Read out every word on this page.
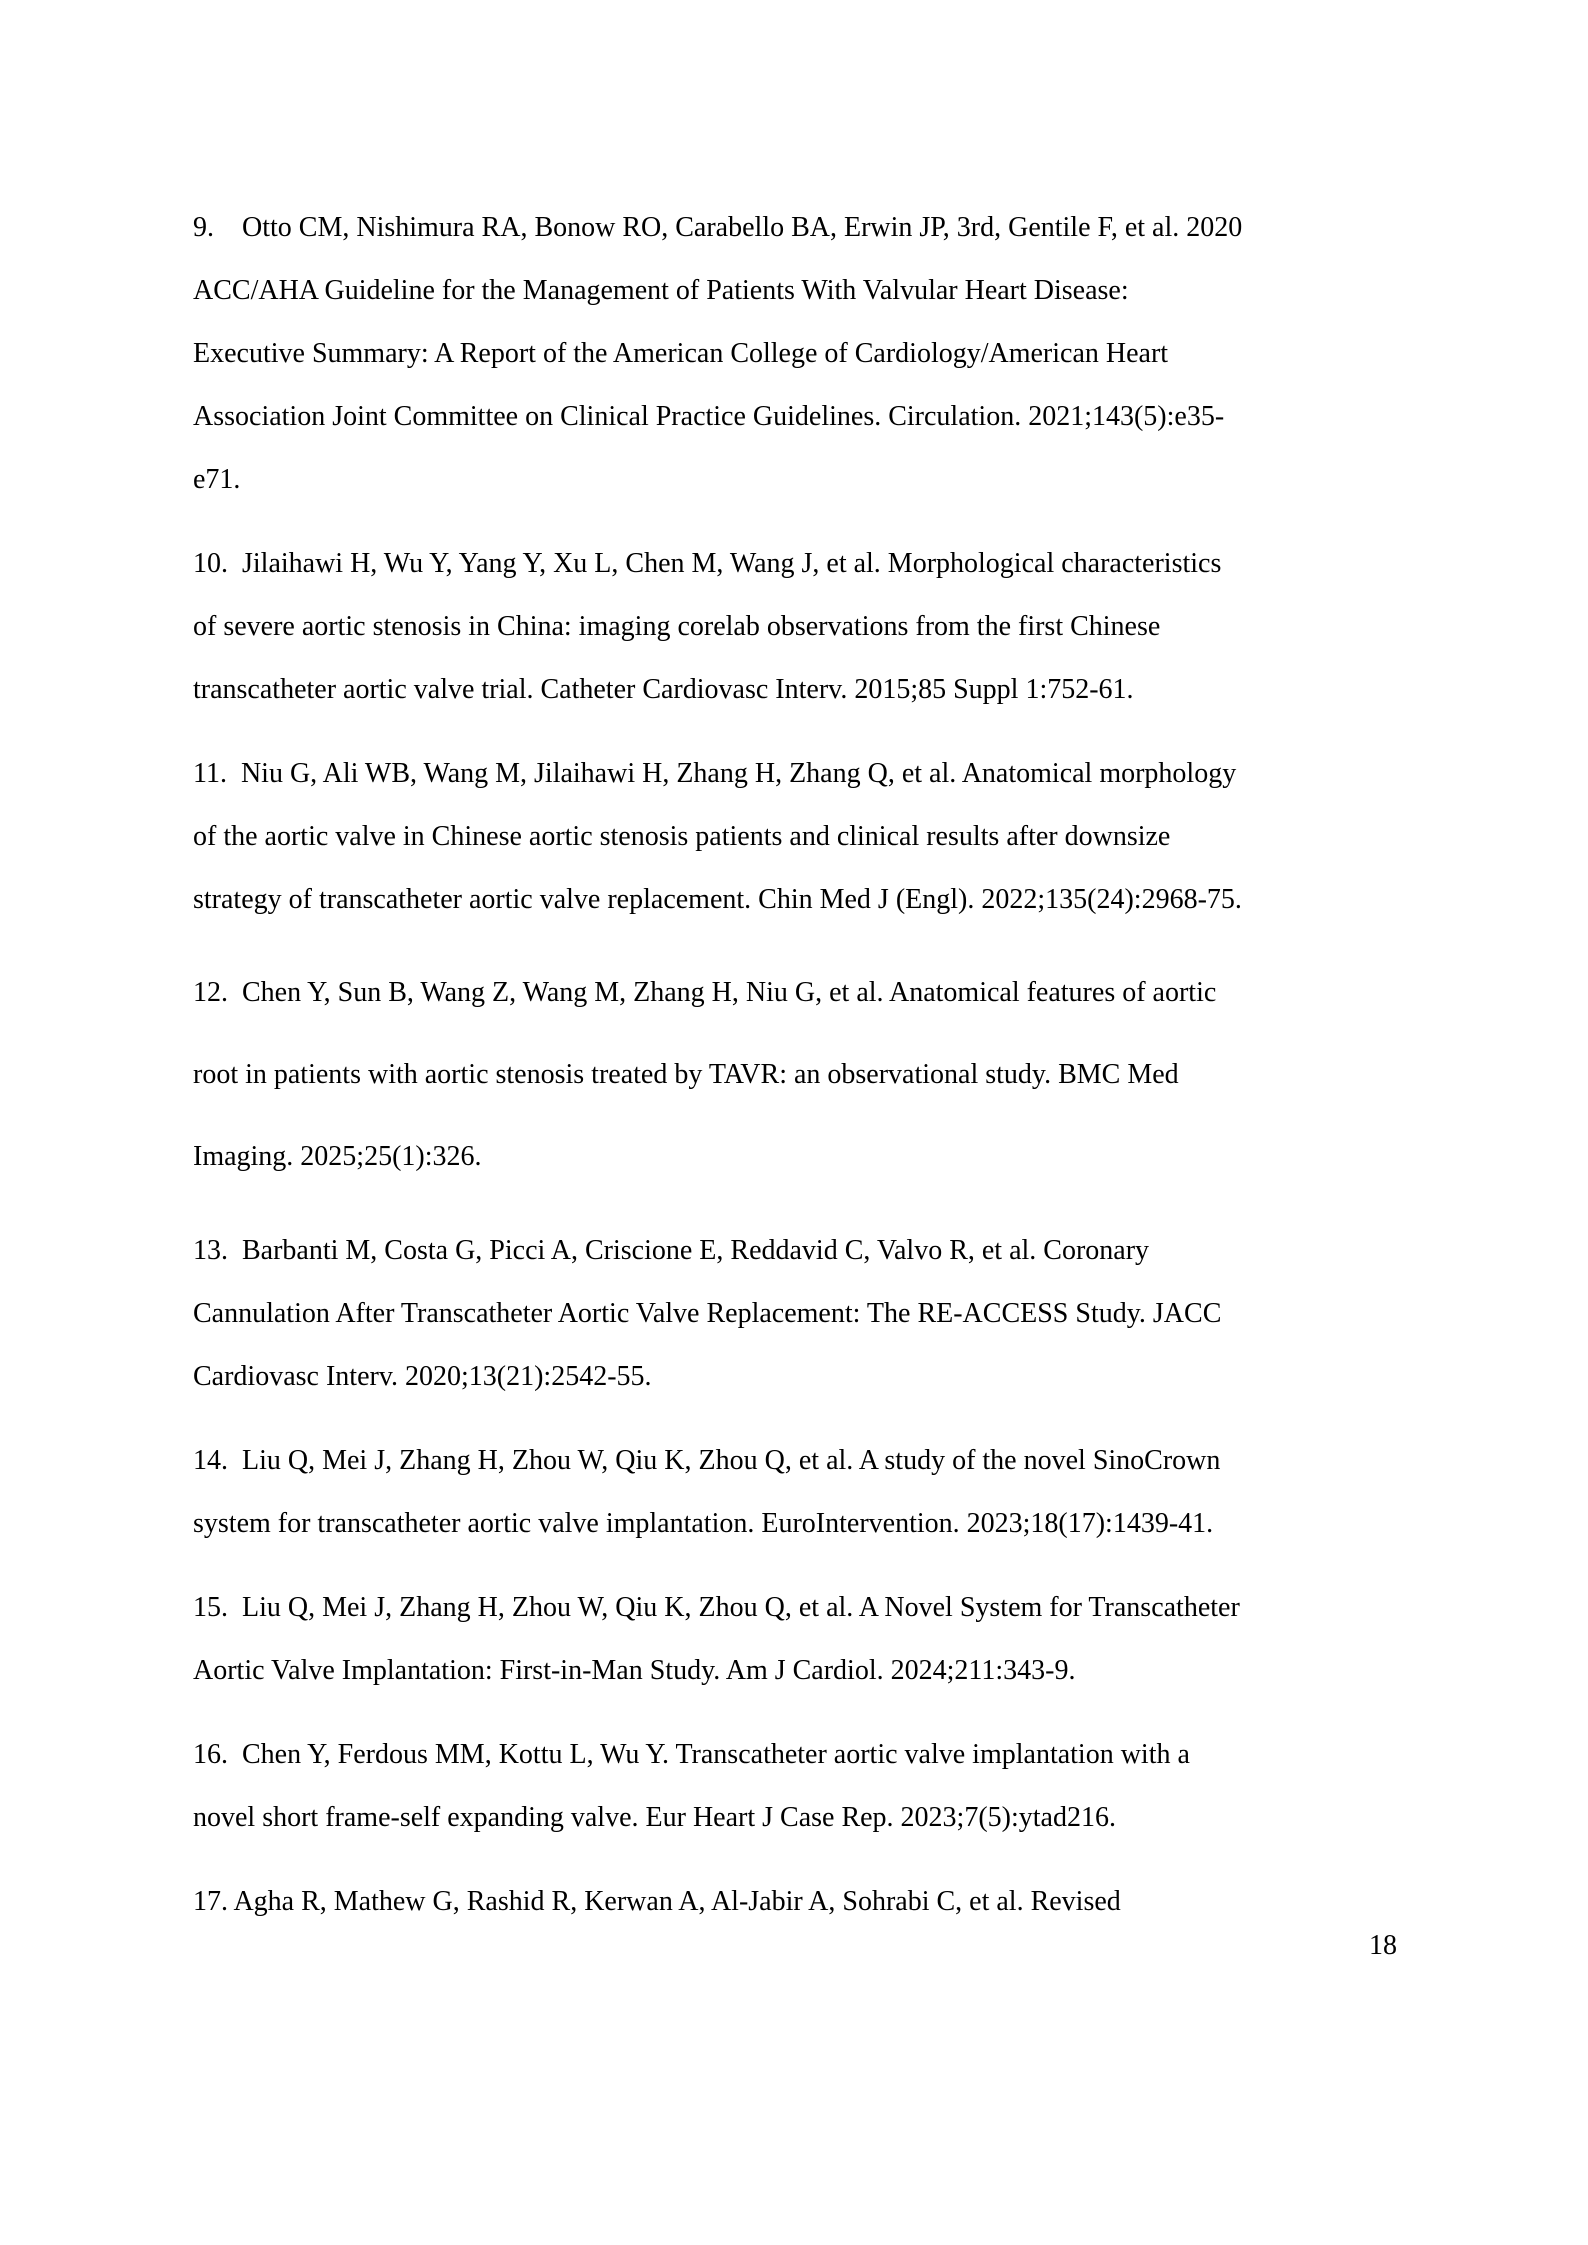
9.    Otto CM, Nishimura RA, Bonow RO, Carabello BA, Erwin JP, 3rd, Gentile F, et al. 2020
ACC/AHA Guideline for the Management of Patients With Valvular Heart Disease:
Executive Summary: A Report of the American College of Cardiology/American Heart
Association Joint Committee on Clinical Practice Guidelines. Circulation. 2021;143(5):e35-
e71.
10.  Jilaihawi H, Wu Y, Yang Y, Xu L, Chen M, Wang J, et al. Morphological characteristics
of severe aortic stenosis in China: imaging corelab observations from the first Chinese
transcatheter aortic valve trial. Catheter Cardiovasc Interv. 2015;85 Suppl 1:752-61.
11.  Niu G, Ali WB, Wang M, Jilaihawi H, Zhang H, Zhang Q, et al. Anatomical morphology
of the aortic valve in Chinese aortic stenosis patients and clinical results after downsize
strategy of transcatheter aortic valve replacement. Chin Med J (Engl). 2022;135(24):2968-75.
12.  Chen Y, Sun B, Wang Z, Wang M, Zhang H, Niu G, et al. Anatomical features of aortic
root in patients with aortic stenosis treated by TAVR: an observational study. BMC Med
Imaging. 2025;25(1):326.
13.  Barbanti M, Costa G, Picci A, Criscione E, Reddavid C, Valvo R, et al. Coronary
Cannulation After Transcatheter Aortic Valve Replacement: The RE-ACCESS Study. JACC
Cardiovasc Interv. 2020;13(21):2542-55.
14.  Liu Q, Mei J, Zhang H, Zhou W, Qiu K, Zhou Q, et al. A study of the novel SinoCrown
system for transcatheter aortic valve implantation. EuroIntervention. 2023;18(17):1439-41.
15.  Liu Q, Mei J, Zhang H, Zhou W, Qiu K, Zhou Q, et al. A Novel System for Transcatheter
Aortic Valve Implantation: First-in-Man Study. Am J Cardiol. 2024;211:343-9.
16.  Chen Y, Ferdous MM, Kottu L, Wu Y. Transcatheter aortic valve implantation with a
novel short frame-self expanding valve. Eur Heart J Case Rep. 2023;7(5):ytad216.
17. Agha R, Mathew G, Rashid R, Kerwan A, Al-Jabir A, Sohrabi C, et al. Revised
18
